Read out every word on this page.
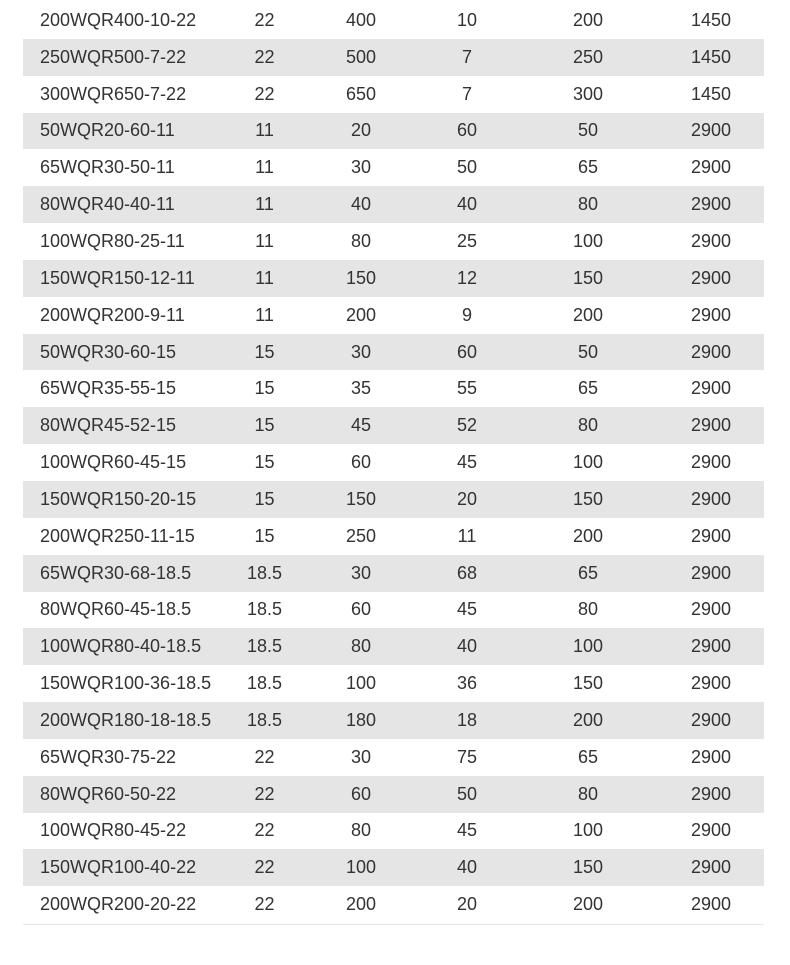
200WQR400-10-22	22	400	10	200	1450
250WQR500-7-22	22	500	7	250	1450
300WQR650-7-22	22	650	7	300	1450
50WQR20-60-11	11	20	60	50	2900
65WQR30-50-11	11	30	50	65	2900
80WQR40-40-11	11	40	40	80	2900
100WQR80-25-11	11	80	25	100	2900
150WQR150-12-11	11	150	12	150	2900
200WQR200-9-11	11	200	9	200	2900
50WQR30-60-15	15	30	60	50	2900
65WQR35-55-15	15	35	55	65	2900
80WQR45-52-15	15	45	52	80	2900
100WQR60-45-15	15	60	45	100	2900
150WQR150-20-15	15	150	20	150	2900
200WQR250-11-15	15	250	11	200	2900
65WQR30-68-18.5	18.5	30	68	65	2900
80WQR60-45-18.5	18.5	60	45	80	2900
100WQR80-40-18.5	18.5	80	40	100	2900
150WQR100-36-18.5	18.5	100	36	150	2900
200WQR180-18-18.5	18.5	180	18	200	2900
65WQR30-75-22	22	30	75	65	2900
80WQR60-50-22	22	60	50	80	2900
100WQR80-45-22	22	80	45	100	2900
150WQR100-40-22	22	100	40	150	2900
200WQR200-20-22	22	200	20	200	2900
